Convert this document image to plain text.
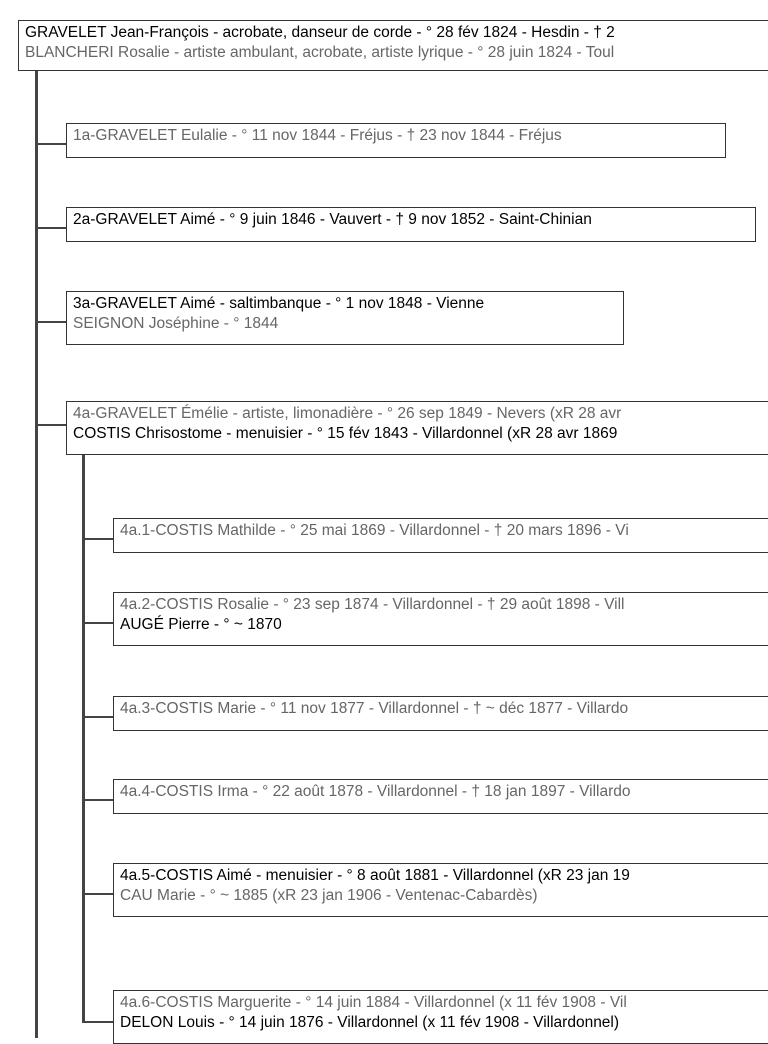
GRAVELET Jean-François - acrobate, danseur de corde - ° 28 fév 1824 - Hesdin - † 2
BLANCHERI Rosalie - artiste ambulant, acrobate, artiste lyrique - ° 28 juin 1824 - Toul
1a-GRAVELET Eulalie - ° 11 nov 1844 - Fréjus - † 23 nov 1844 - Fréjus
2a-GRAVELET Aimé - ° 9 juin 1846 - Vauvert - † 9 nov 1852 - Saint-Chinian
3a-GRAVELET Aimé - saltimbanque - ° 1 nov 1848 - Vienne
SEIGNON Joséphine - ° 1844
4a-GRAVELET Émélie - artiste, limonadière - ° 26 sep 1849 - Nevers (xR 28 avr
COSTIS Chrisostome - menuisier - ° 15 fév 1843 - Villardonnel (xR 28 avr 1869
4a.1-COSTIS Mathilde - ° 25 mai 1869 - Villardonnel - † 20 mars 1896 - Vi
4a.2-COSTIS Rosalie - ° 23 sep 1874 - Villardonnel - † 29 août 1898 - Vill
AUGÉ Pierre - ° ~ 1870
4a.3-COSTIS Marie - ° 11 nov 1877 - Villardonnel - † ~ déc 1877 - Villardo
4a.4-COSTIS Irma - ° 22 août 1878 - Villardonnel - † 18 jan 1897 - Villardo
4a.5-COSTIS Aimé - menuisier - ° 8 août 1881 - Villardonnel (xR 23 jan 19
CAU Marie - ° ~ 1885 (xR 23 jan 1906 - Ventenac-Cabardès)
4a.6-COSTIS Marguerite - ° 14 juin 1884 - Villardonnel (x 11 fév 1908 - Vil
DELON Louis - ° 14 juin 1876 - Villardonnel (x 11 fév 1908 - Villardonnel)
